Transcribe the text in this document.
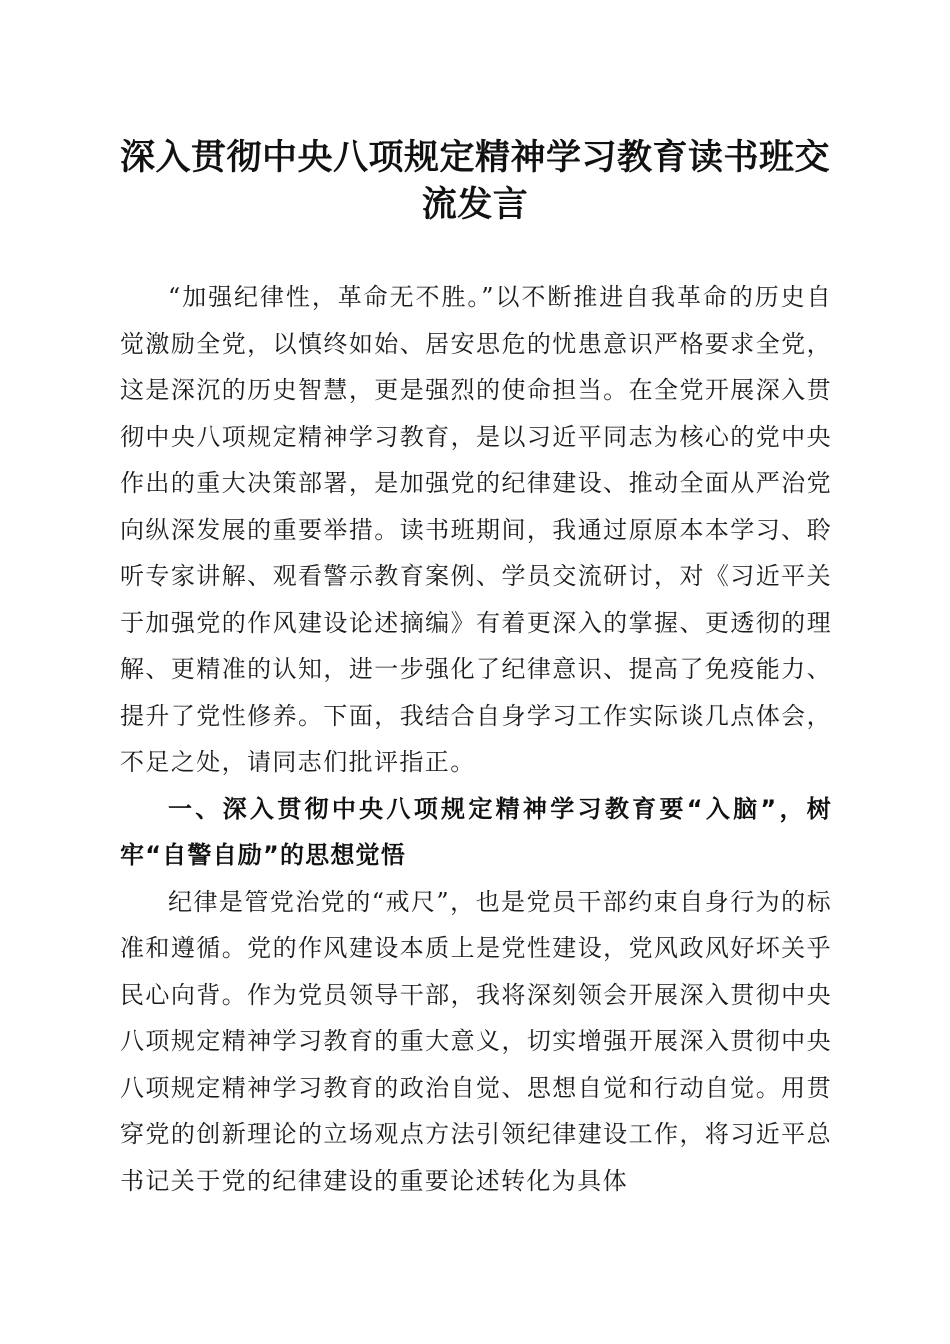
深入贯彻中央八项规定精神学习教育读书班交流发言

“加强纪律性，革命无不胜。”以不断推进自我革命的历史自觉激励全党，以慎终如始、居安思危的忧患意识严格要求全党，这是深沉的历史智慧，更是强烈的使命担当。在全党开展深入贯彻中央八项规定精神学习教育，是以习近平同志为核心的党中央作出的重大决策部署，是加强党的纪律建设、推动全面从严治党向纵深发展的重要举措。读书班期间，我通过原原本本学习、聆听专家讲解、观看警示教育案例、学员交流研讨，对《习近平关于加强党的作风建设论述摘编》有着更深入的掌握、更透彻的理解、更精准的认知，进一步强化了纪律意识、提高了免疫能力、提升了党性修养。下面，我结合自身学习工作实际谈几点体会，不足之处，请同志们批评指正。

一、深入贯彻中央八项规定精神学习教育要“入脑”，树牢“自警自励”的思想觉悟

纪律是管党治党的“戒尺”，也是党员干部约束自身行为的标准和遵循。党的作风建设本质上是党性建设，党风政风好坏关乎民心向背。作为党员领导干部，我将深刻领会开展深入贯彻中央八项规定精神学习教育的重大意义，切实增强开展深入贯彻中央八项规定精神学习教育的政治自觉、思想自觉和行动自觉。用贯穿党的创新理论的立场观点方法引领纪律建设工作，将习近平总书记关于党的纪律建设的重要论述转化为具体
